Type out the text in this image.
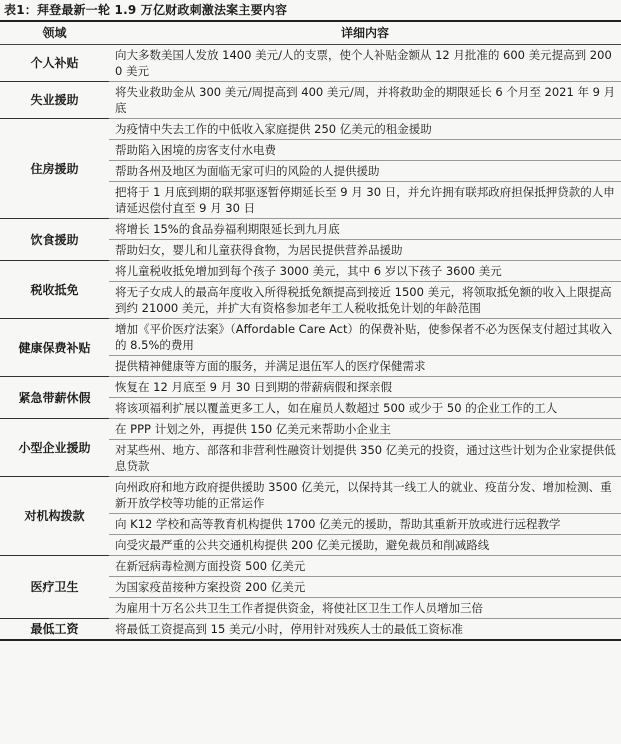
表1：拜登最新一轮 1.9 万亿财政刺激法案主要内容
领域	详细内容
个人补贴	向大多数美国人发放 1400 美元/人的支票，使个人补贴金额从 12 月批准的 600 美元提高到 2000 美元
失业援助	将失业救助金从 300 美元/周提高到 400 美元/周，并将救助金的期限延长 6 个月至 2021 年 9 月底
住房援助	为疫情中失去工作的中低收入家庭提供 250 亿美元的租金援助
	帮助陷入困境的房客支付水电费
	帮助各州及地区为面临无家可归的风险的人提供援助
	把将于 1 月底到期的联邦驱逐暂停期延长至 9 月 30 日，并允许拥有联邦政府担保抵押贷款的人申请延迟偿付直至 9 月 30 日
饮食援助	将增长 15%的食品券福利期限延长到九月底
	帮助妇女，婴儿和儿童获得食物，为居民提供营养品援助
税收抵免	将儿童税收抵免增加到每个孩子 3000 美元，其中 6 岁以下孩子 3600 美元
	将无子女成人的最高年度收入所得税抵免额提高到接近 1500 美元，将领取抵免额的收入上限提高到约 21000 美元，并扩大有资格参加老年工人税收抵免计划的年龄范围
健康保费补贴	增加《平价医疗法案》（Affordable Care Act）的保费补贴，使参保者不必为医保支付超过其收入的 8.5%的费用
	提供精神健康等方面的服务，并满足退伍军人的医疗保健需求
紧急带薪休假	恢复在 12 月底至 9 月 30 日到期的带薪病假和探亲假
	将该项福利扩展以覆盖更多工人，如在雇员人数超过 500 或少于 50 的企业工作的工人
小型企业援助	在 PPP 计划之外，再提供 150 亿美元来帮助小企业主
	对某些州、地方、部落和非营利性融资计划提供 350 亿美元的投资，通过这些计划为企业家提供低息贷款
对机构拨款	向州政府和地方政府提供援助 3500 亿美元，以保持其一线工人的就业、疫苗分发、增加检测、重新开放学校等功能的正常运作
	向 K12 学校和高等教育机构提供 1700 亿美元的援助，帮助其重新开放或进行远程教学
	向受灾最严重的公共交通机构提供 200 亿美元援助，避免裁员和削减路线
医疗卫生	在新冠病毒检测方面投资 500 亿美元
	为国家疫苗接种方案投资 200 亿美元
	为雇用十万名公共卫生工作者提供资金，将使社区卫生工作人员增加三倍
最低工资	将最低工资提高到 15 美元/小时，停用针对残疾人士的最低工资标准
